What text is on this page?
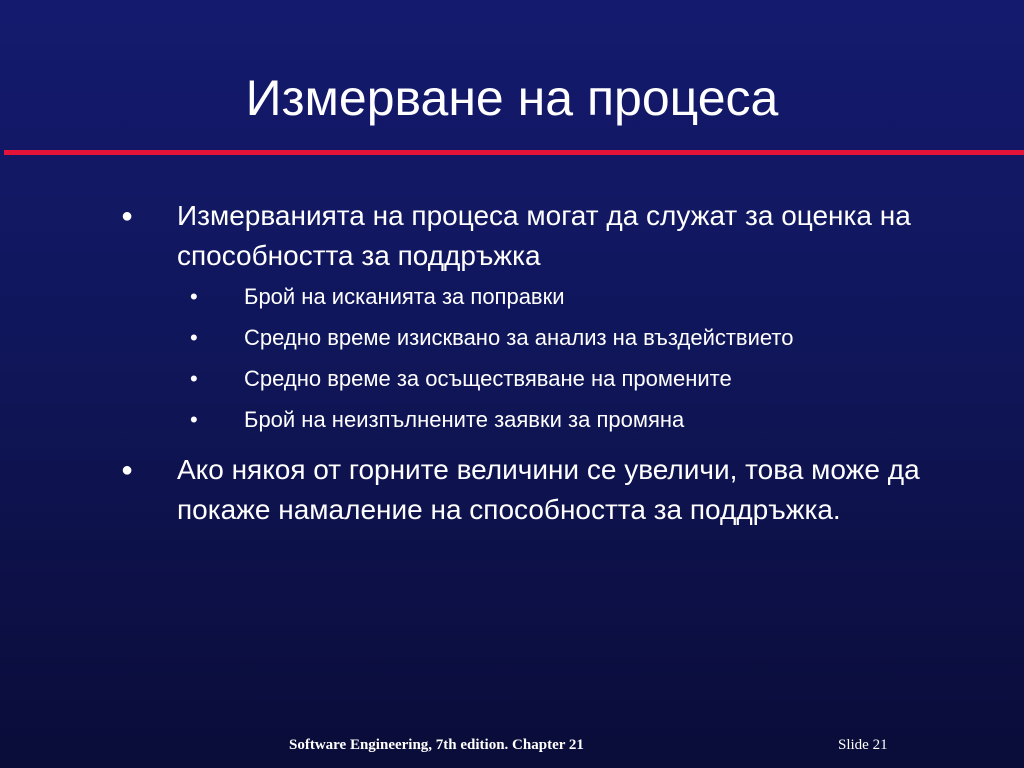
Измерване на процеса
● Измерванията на процеса могат да служат за оценка на способността за поддръжка
• Брой на исканията за поправки
• Средно време изисквано за анализ на въздействието
• Средно време за осъществяване на промените
• Брой на неизпълнените заявки за промяна
● Ако някоя от горните величини се увеличи, това може да покаже намаление на способността за поддръжка.
Software Engineering, 7th edition. Chapter 21	Slide 21
